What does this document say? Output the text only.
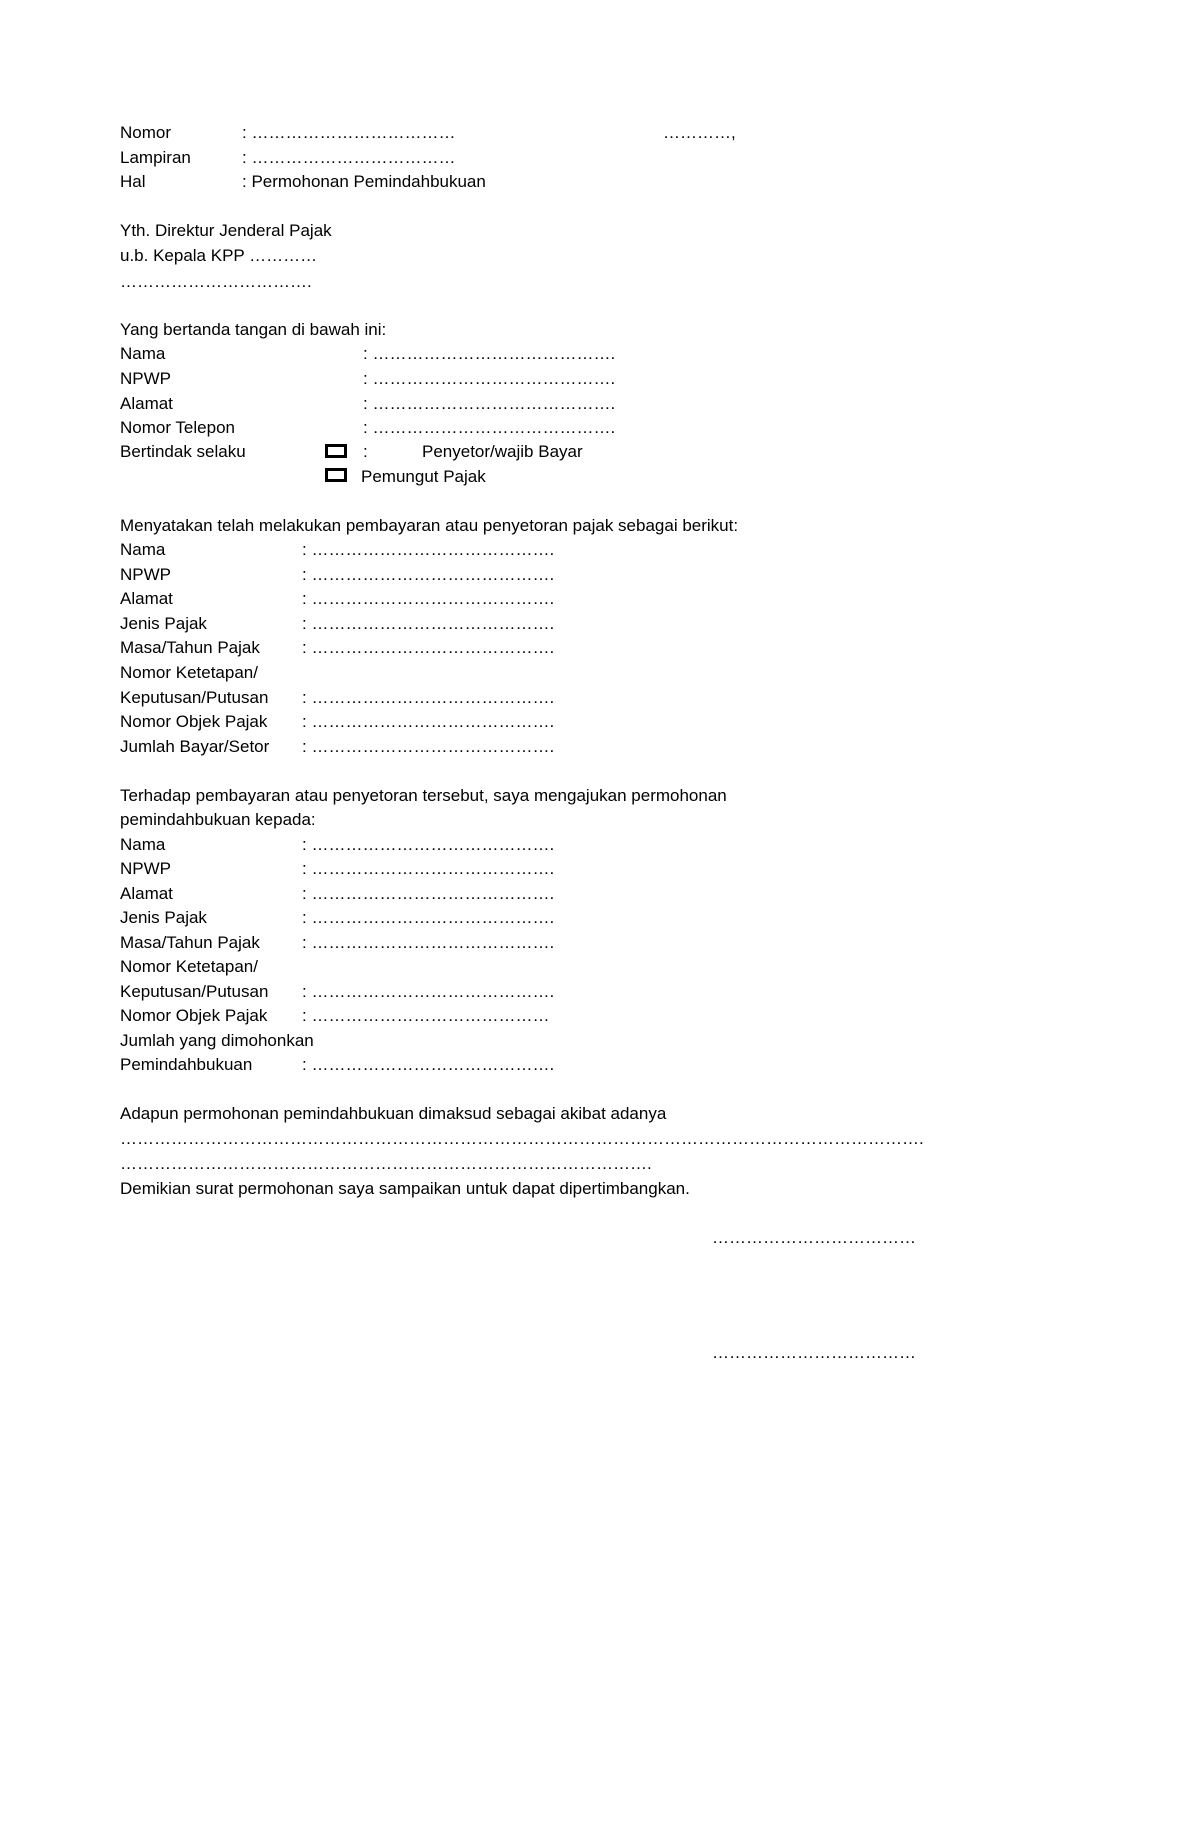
Nomor	: ………………………………	…………,
Lampiran	: ………………………………
Hal	: Permohonan Pemindahbukuan
Yth. Direktur Jenderal Pajak
u.b. Kepala KPP …………
…………………………….
Yang bertanda tangan di bawah ini:
Nama	: …………………………………….
NPWP	: …………………………………….
Alamat	: …………………………………….
Nomor Telepon	: …………………………………….
Bertindak selaku	:	Penyetor/wajib Bayar
Pemungut Pajak
Menyatakan telah melakukan pembayaran atau penyetoran pajak sebagai berikut:
Nama	: …………………………………….
NPWP	: …………………………………….
Alamat	: …………………………………….
Jenis Pajak	: …………………………………….
Masa/Tahun Pajak : …………………………………….
Nomor Ketetapan/
Keputusan/Putusan : …………………………………….
Nomor Objek Pajak : …………………………………….
Jumlah Bayar/Setor : …………………………………….
Terhadap pembayaran atau penyetoran tersebut, saya mengajukan permohonan
pemindahbukuan kepada:
Nama	: …………………………………….
NPWP	: …………………………………….
Alamat	: …………………………………….
Jenis Pajak	: …………………………………….
Masa/Tahun Pajak : …………………………………….
Nomor Ketetapan/
Keputusan/Putusan : …………………………………….
Nomor Objek Pajak : ……………………………………
Jumlah yang dimohonkan
Pemindahbukuan	: …………………………………….
Adapun permohonan pemindahbukuan dimaksud sebagai akibat adanya
…………………………………………………………………………………………………………………………….
………………………………………………………………………………….
Demikian surat permohonan saya sampaikan untuk dapat dipertimbangkan.
………………………………
………………………………
